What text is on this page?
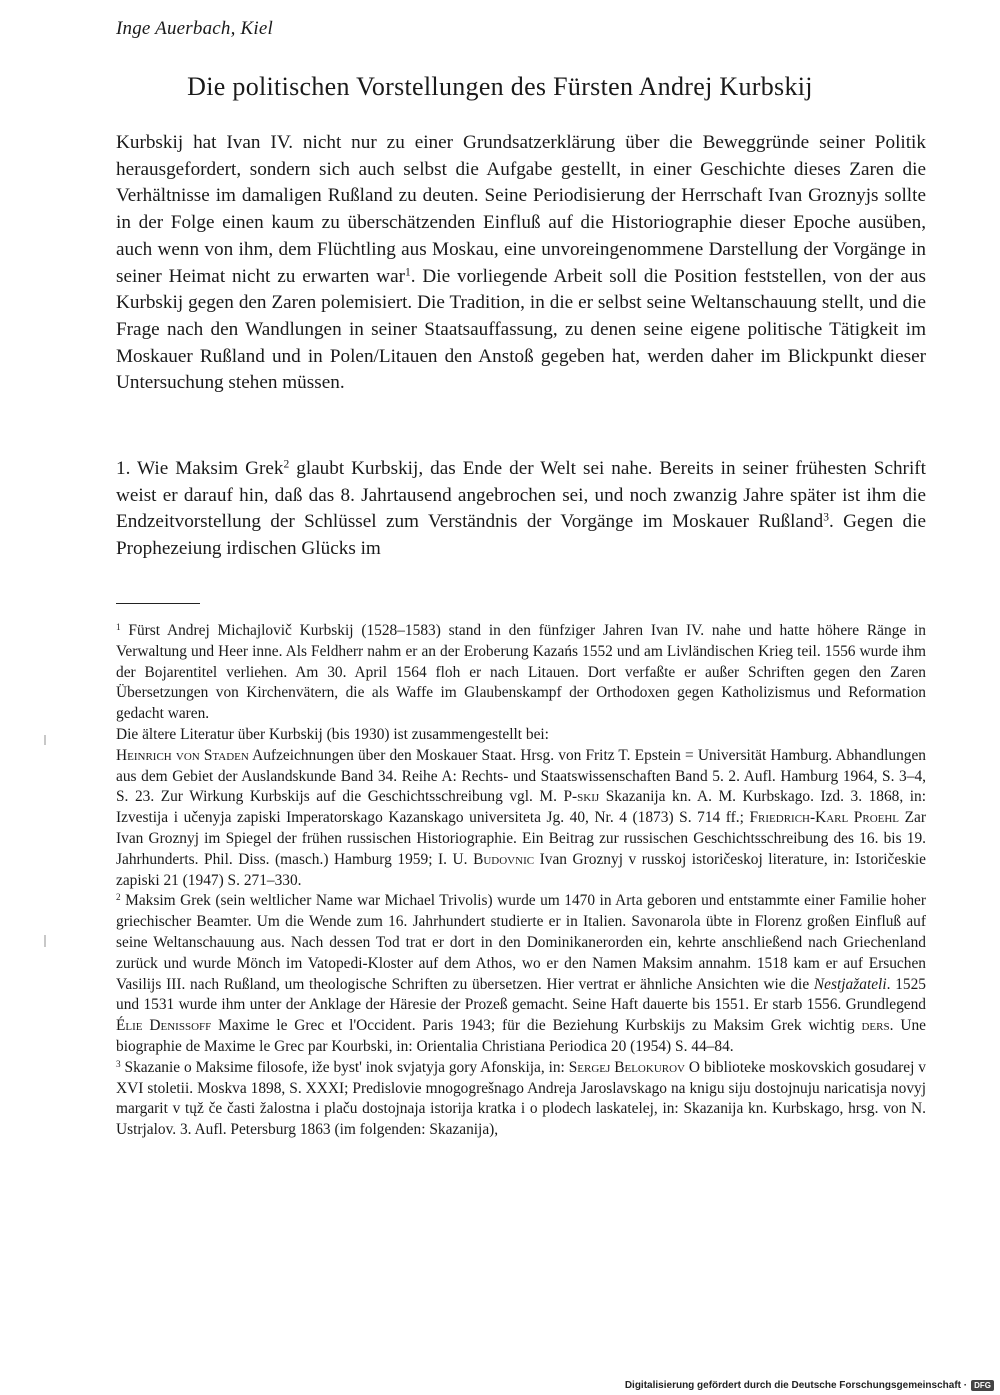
Inge Auerbach, Kiel
Die politischen Vorstellungen des Fürsten Andrej Kurbskij

Kurbskij hat Ivan IV. nicht nur zu einer Grundsatzerklärung über die Beweggründe seiner Politik herausgefordert, sondern sich auch selbst die Aufgabe gestellt, in einer Geschichte dieses Zaren die Verhältnisse im damaligen Rußland zu deuten. Seine Periodisierung der Herrschaft Ivan Groznyjs sollte in der Folge einen kaum zu überschätzenden Einfluß auf die Historiographie dieser Epoche ausüben, auch wenn von ihm, dem Flüchtling aus Moskau, eine unvoreingenommene Darstellung der Vorgänge in seiner Heimat nicht zu erwarten war$^1$. Die vorliegende Arbeit soll die Position feststellen, von der aus Kurbskij gegen den Zaren polemisiert. Die Tradition, in die er selbst seine Weltanschauung stellt, und die Frage nach den Wandlungen in seiner Staatsauffassung, zu denen seine eigene politische Tätigkeit im Moskauer Rußland und in Polen/Litauen den Anstoß gegeben hat, werden daher im Blickpunkt dieser Untersuchung stehen müssen.

1. Wie Maksim Grek$^2$ glaubt Kurbskij, das Ende der Welt sei nahe. Bereits in seiner frühesten Schrift weist er darauf hin, daß das 8. Jahrtausend angebrochen sei, und noch zwanzig Jahre später ist ihm die Endzeitvorstellung der Schlüssel zum Verständnis der Vorgänge im Moskauer Rußland$^3$. Gegen die Prophezeiung irdischen Glücks im

$^1$ Fürst Andrej Michajlovič Kurbskij (1528–1583) stand in den fünfziger Jahren Ivan IV. nahe und hatte höhere Ränge in Verwaltung und Heer inne. Als Feldherr nahm er an der Eroberung Kazańs 1552 und am Livländischen Krieg teil. 1556 wurde ihm der Bojarentitel verliehen. Am 30. April 1564 floh er nach Litauen. Dort verfaßte er außer Schriften gegen den Zaren Übersetzungen von Kirchenvätern, die als Waffe im Glaubenskampf der Orthodoxen gegen Katholizismus und Reformation gedacht waren.

Die ältere Literatur über Kurbskij (bis 1930) ist zusammengestellt bei:

Heinrich von Staden Aufzeichnungen über den Moskauer Staat. Hrsg. von Fritz T. Epstein = Universität Hamburg. Abhandlungen aus dem Gebiet der Auslandskunde Band 34. Reihe A: Rechts- und Staatswissenschaften Band 5. 2. Aufl. Hamburg 1964, S. 3–4, S. 23. Zur Wirkung Kurbskijs auf die Geschichtsschreibung vgl. M. P-skij Skazanija kn. A. M. Kurbskago. Izd. 3. 1868, in: Izvestija i učenyja zapiski Imperatorskago Kazanskago universiteta Jg. 40, Nr. 4 (1873) S. 714 ff.; Friedrich-Karl Proehl Zar Ivan Groznyj im Spiegel der frühen russischen Historiographie. Ein Beitrag zur russischen Geschichtsschreibung des 16. bis 19. Jahrhunderts. Phil. Diss. (masch.) Hamburg 1959; I. U. Budovnic Ivan Groznyj v russkoj istoričeskoj literature, in: Istoričeskie zapiski 21 (1947) S. 271–330.

$^2$ Maksim Grek (sein weltlicher Name war Michael Trivolis) wurde um 1470 in Arta geboren und entstammte einer Familie hoher griechischer Beamter. Um die Wende zum 16. Jahrhundert studierte er in Italien. Savonarola übte in Florenz großen Einfluß auf seine Weltanschauung aus. Nach dessen Tod trat er dort in den Dominikanerorden ein, kehrte anschließend nach Griechenland zurück und wurde Mönch im Vatopedi-Kloster auf dem Athos, wo er den Namen Maksim annahm. 1518 kam er auf Ersuchen Vasilijs III. nach Rußland, um theologische Schriften zu übersetzen. Hier vertrat er ähnliche Ansichten wie die Nestjažateli. 1525 und 1531 wurde ihm unter der Anklage der Häresie der Prozeß gemacht. Seine Haft dauerte bis 1551. Er starb 1556. Grundlegend Élie Denissoff Maxime le Grec et l'Occident. Paris 1943; für die Beziehung Kurbskijs zu Maksim Grek wichtig ders. Une biographie de Maxime le Grec par Kourbski, in: Orientalia Christiana Periodica 20 (1954) S. 44–84.

$^3$ Skazanie o Maksime filosofe, iže byst' inok svjatyja gory Afonskija, in: Sergej Belokurov O biblioteke moskovskich gosudarej v XVI stoletii. Moskva 1898, S. XXXI; Predislovie mnogogrešnago Andreja Jaroslavskago na knigu siju dostojnuju naricatisja novyj margarit v tųž če časti žalostna i plaču dostojnaja istorija kratka i o plodech laskatelej, in: Skazanija kn. Kurbskago, hrsg. von N. Ustrjalov. 3. Aufl. Petersburg 1863 (im folgenden: Skazanija),

Digitalisierung gefördert durch die Deutsche Forschungsgemeinschaft · DFG
